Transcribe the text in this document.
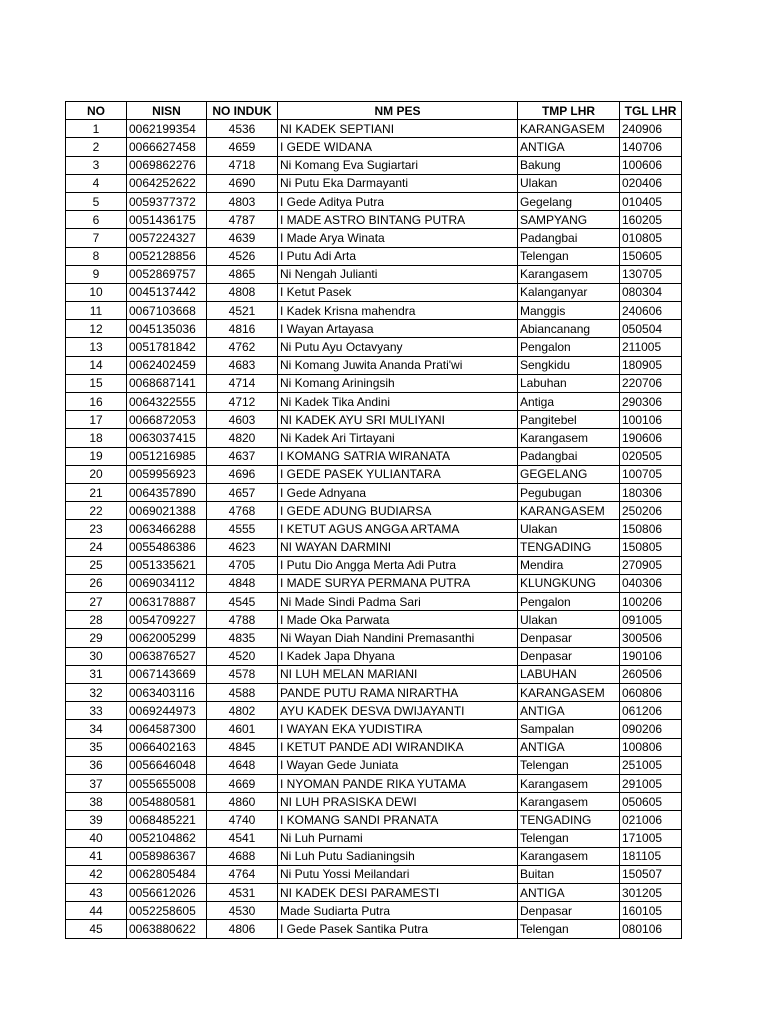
NO	NISN	NO INDUK	NM PES	TMP LHR	TGL LHR
1	0062199354	4536	NI KADEK SEPTIANI	KARANGASEM	240906
2	0066627458	4659	I GEDE WIDANA	ANTIGA	140706
3	0069862276	4718	Ni Komang Eva Sugiartari	Bakung	100606
4	0064252622	4690	Ni Putu Eka Darmayanti	Ulakan	020406
5	0059377372	4803	I Gede Aditya Putra	Gegelang	010405
6	0051436175	4787	I MADE ASTRO BINTANG PUTRA	SAMPYANG	160205
7	0057224327	4639	I Made Arya Winata	Padangbai	010805
8	0052128856	4526	I Putu Adi Arta	Telengan	150605
9	0052869757	4865	Ni Nengah Julianti	Karangasem	130705
10	0045137442	4808	I Ketut Pasek	Kalanganyar	080304
11	0067103668	4521	I Kadek Krisna mahendra	Manggis	240606
12	0045135036	4816	I Wayan Artayasa	Abiancanang	050504
13	0051781842	4762	Ni Putu Ayu Octavyany	Pengalon	211005
14	0062402459	4683	Ni Komang Juwita Ananda Prati'wi	Sengkidu	180905
15	0068687141	4714	Ni Komang Ariningsih	Labuhan	220706
16	0064322555	4712	Ni Kadek Tika Andini	Antiga	290306
17	0066872053	4603	NI KADEK AYU SRI MULIYANI	Pangitebel	100106
18	0063037415	4820	Ni Kadek Ari Tirtayani	Karangasem	190606
19	0051216985	4637	I KOMANG SATRIA WIRANATA	Padangbai	020505
20	0059956923	4696	I GEDE PASEK YULIANTARA	GEGELANG	100705
21	0064357890	4657	I Gede Adnyana	Pegubugan	180306
22	0069021388	4768	I GEDE ADUNG BUDIARSA	KARANGASEM	250206
23	0063466288	4555	I KETUT AGUS ANGGA ARTAMA	Ulakan	150806
24	0055486386	4623	NI WAYAN DARMINI	TENGADING	150805
25	0051335621	4705	I Putu Dio Angga Merta Adi Putra	Mendira	270905
26	0069034112	4848	I MADE SURYA PERMANA PUTRA	KLUNGKUNG	040306
27	0063178887	4545	Ni Made Sindi Padma Sari	Pengalon	100206
28	0054709227	4788	I Made Oka Parwata	Ulakan	091005
29	0062005299	4835	Ni Wayan Diah Nandini Premasanthi	Denpasar	300506
30	0063876527	4520	I Kadek Japa Dhyana	Denpasar	190106
31	0067143669	4578	NI LUH MELAN MARIANI	LABUHAN	260506
32	0063403116	4588	PANDE PUTU RAMA NIRARTHA	KARANGASEM	060806
33	0069244973	4802	AYU KADEK DESVA DWIJAYANTI	ANTIGA	061206
34	0064587300	4601	I WAYAN EKA YUDISTIRA	Sampalan	090206
35	0066402163	4845	I KETUT PANDE ADI WIRANDIKA	ANTIGA	100806
36	0056646048	4648	I Wayan Gede Juniata	Telengan	251005
37	0055655008	4669	I NYOMAN PANDE RIKA YUTAMA	Karangasem	291005
38	0054880581	4860	NI LUH PRASISKA DEWI	Karangasem	050605
39	0068485221	4740	I KOMANG SANDI PRANATA	TENGADING	021006
40	0052104862	4541	Ni Luh Purnami	Telengan	171005
41	0058986367	4688	Ni Luh Putu Sadianingsih	Karangasem	181105
42	0062805484	4764	Ni Putu Yossi Meilandari	Buitan	150507
43	0056612026	4531	NI KADEK DESI PARAMESTI	ANTIGA	301205
44	0052258605	4530	Made Sudiarta Putra	Denpasar	160105
45	0063880622	4806	I Gede Pasek Santika Putra	Telengan	080106
